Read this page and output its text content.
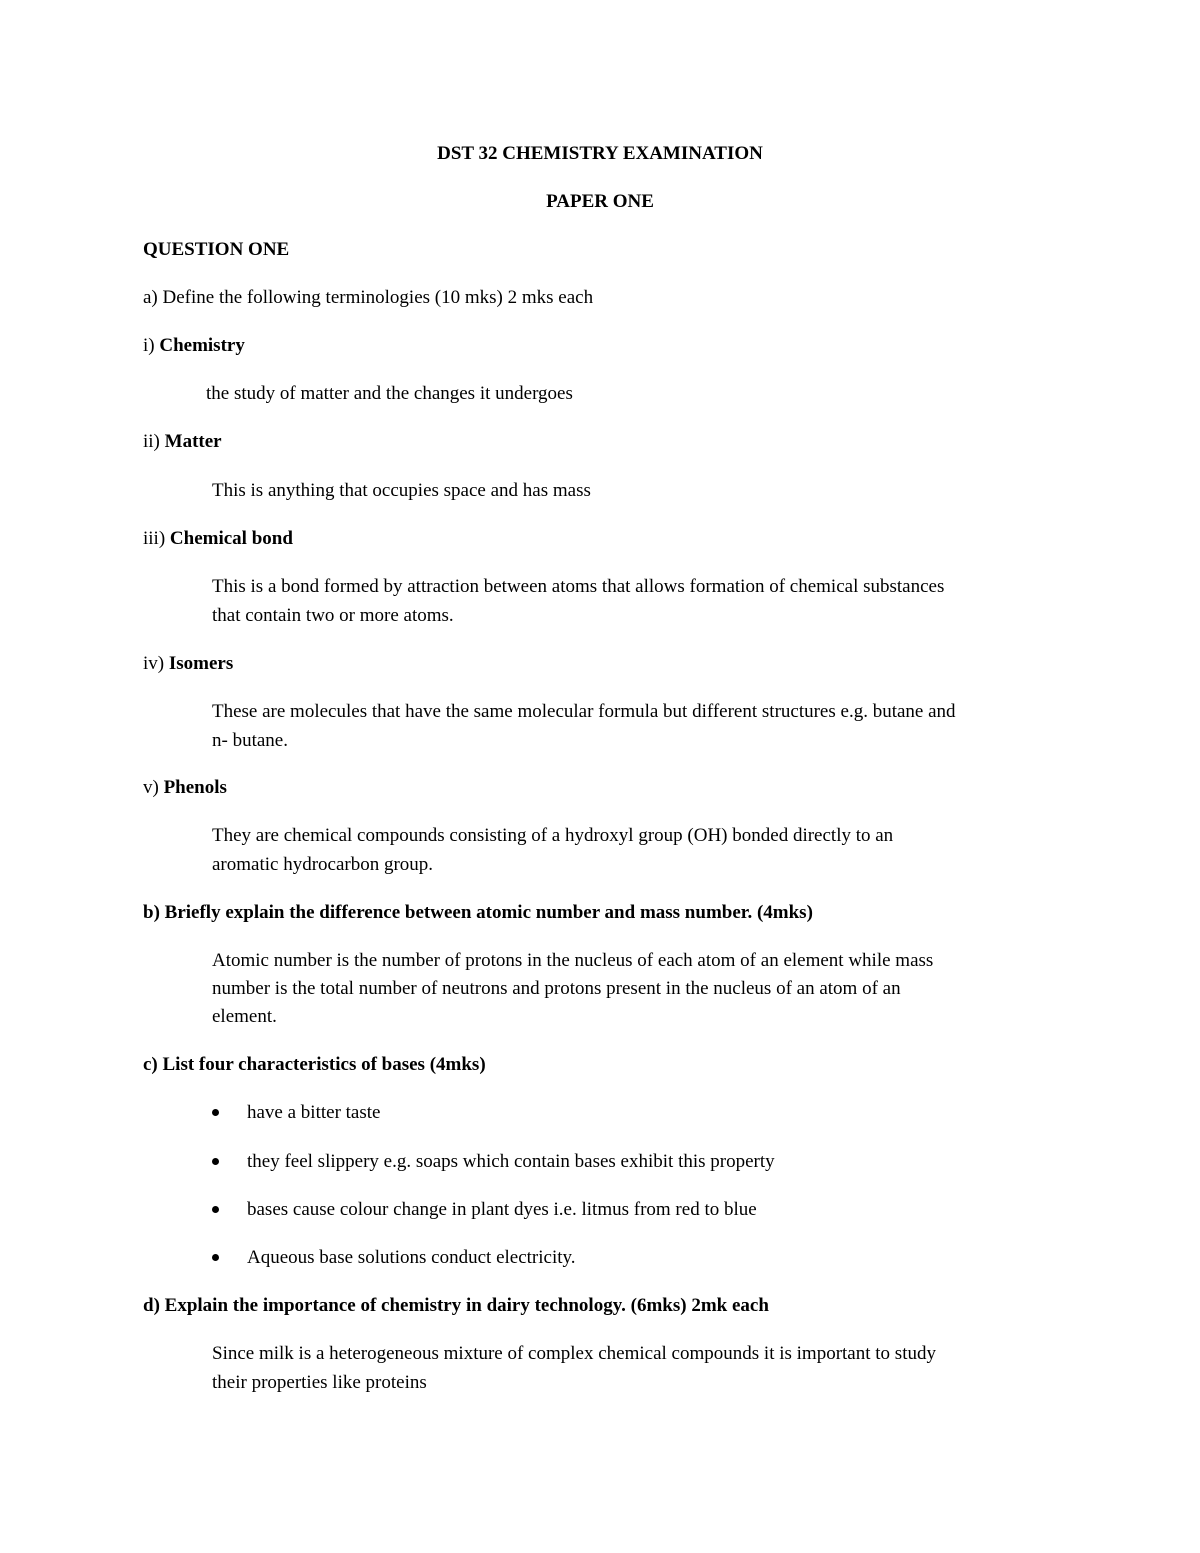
DST 32 CHEMISTRY EXAMINATION
PAPER ONE
QUESTION ONE
a) Define the following terminologies (10 mks) 2 mks each
i) Chemistry
the study of matter and the changes it undergoes
ii) Matter
This is anything that occupies space and has mass
iii) Chemical bond
This is a bond formed by attraction between atoms that allows formation of chemical substances
that contain two or more atoms.
iv) Isomers
These are molecules that have the same molecular formula but different structures e.g. butane and
n- butane.
v) Phenols
They are chemical compounds consisting of a hydroxyl group (OH) bonded directly to an
aromatic hydrocarbon group.
b) Briefly explain the difference between atomic number and mass number. (4mks)
Atomic number is the number of protons in the nucleus of each atom of an element while mass
number is the total number of neutrons and protons present in the nucleus of an atom of an
element.
c) List four characteristics of bases (4mks)
have a bitter taste
they feel slippery e.g. soaps which contain bases exhibit this property
bases cause colour change in plant dyes i.e. litmus from red to blue
Aqueous base solutions conduct electricity.
d) Explain the importance of chemistry in dairy technology. (6mks) 2mk each
Since milk is a heterogeneous mixture of complex chemical compounds it is important to study
their properties like proteins
